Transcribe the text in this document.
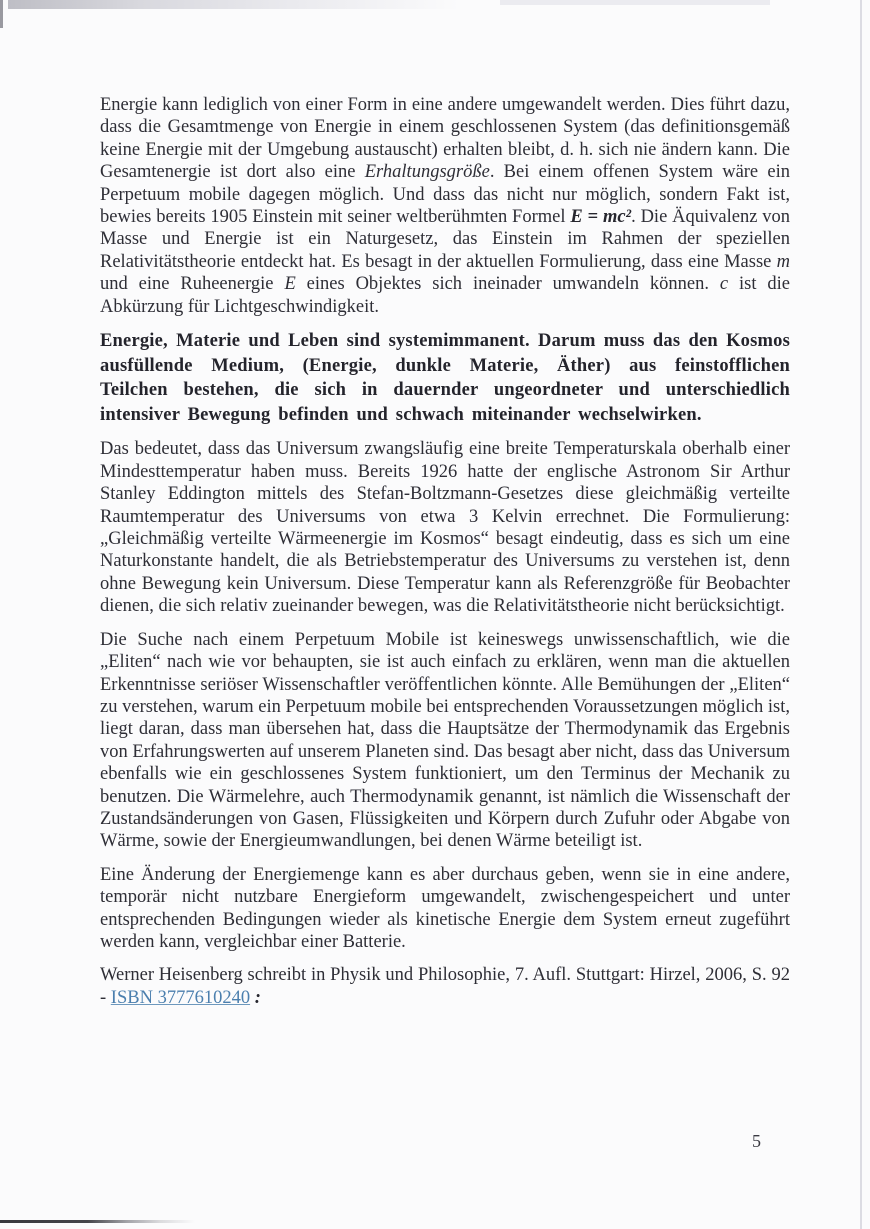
Energie kann lediglich von einer Form in eine andere umgewandelt werden. Dies führt dazu, dass die Gesamtmenge von Energie in einem geschlossenen System (das definitionsgemäß keine Energie mit der Umgebung austauscht) erhalten bleibt, d. h. sich nie ändern kann. Die Gesamtenergie ist dort also eine Erhaltungsgröße. Bei einem offenen System wäre ein Perpetuum mobile dagegen möglich. Und dass das nicht nur möglich, sondern Fakt ist, bewies bereits 1905 Einstein mit seiner weltberühmten Formel E = mc². Die Äquivalenz von Masse und Energie ist ein Naturgesetz, das Einstein im Rahmen der speziellen Relativitätstheorie entdeckt hat. Es besagt in der aktuellen Formulierung, dass eine Masse m und eine Ruheenergie E eines Objektes sich ineinader umwandeln können. c ist die Abkürzung für Lichtgeschwindigkeit.

Energie, Materie und Leben sind systemimmanent. Darum muss das den Kosmos ausfüllende Medium, (Energie, dunkle Materie, Äther) aus feinstofflichen Teilchen bestehen, die sich in dauernder ungeordneter und unterschiedlich intensiver Bewegung befinden und schwach miteinander wechselwirken.

Das bedeutet, dass das Universum zwangsläufig eine breite Temperaturskala oberhalb einer Mindesttemperatur haben muss. Bereits 1926 hatte der englische Astronom Sir Arthur Stanley Eddington mittels des Stefan-Boltzmann-Gesetzes diese gleichmäßig verteilte Raumtemperatur des Universums von etwa 3 Kelvin errechnet. Die Formulierung: „Gleichmäßig verteilte Wärmeenergie im Kosmos“ besagt eindeutig, dass es sich um eine Naturkonstante handelt, die als Betriebstemperatur des Universums zu verstehen ist, denn ohne Bewegung kein Universum. Diese Temperatur kann als Referenzgröße für Beobachter dienen, die sich relativ zueinander bewegen, was die Relativitätstheorie nicht berücksichtigt.

Die Suche nach einem Perpetuum Mobile ist keineswegs unwissenschaftlich, wie die „Eliten“ nach wie vor behaupten, sie ist auch einfach zu erklären, wenn man die aktuellen Erkenntnisse seriöser Wissenschaftler veröffentlichen könnte. Alle Bemühungen der „Eliten“ zu verstehen, warum ein Perpetuum mobile bei entsprechenden Voraussetzungen möglich ist, liegt daran, dass man übersehen hat, dass die Hauptsätze der Thermodynamik das Ergebnis von Erfahrungswerten auf unserem Planeten sind. Das besagt aber nicht, dass das Universum ebenfalls wie ein geschlossenes System funktioniert, um den Terminus der Mechanik zu benutzen. Die Wärmelehre, auch Thermodynamik genannt, ist nämlich die Wissenschaft der Zustandsänderungen von Gasen, Flüssigkeiten und Körpern durch Zufuhr oder Abgabe von Wärme, sowie der Energieumwandlungen, bei denen Wärme beteiligt ist.

Eine Änderung der Energiemenge kann es aber durchaus geben, wenn sie in eine andere, temporär nicht nutzbare Energieform umgewandelt, zwischengespeichert und unter entsprechenden Bedingungen wieder als kinetische Energie dem System erneut zugeführt werden kann, vergleichbar einer Batterie.

Werner Heisenberg schreibt in Physik und Philosophie, 7. Aufl. Stuttgart: Hirzel, 2006, S. 92 - ISBN 3777610240 :

5
